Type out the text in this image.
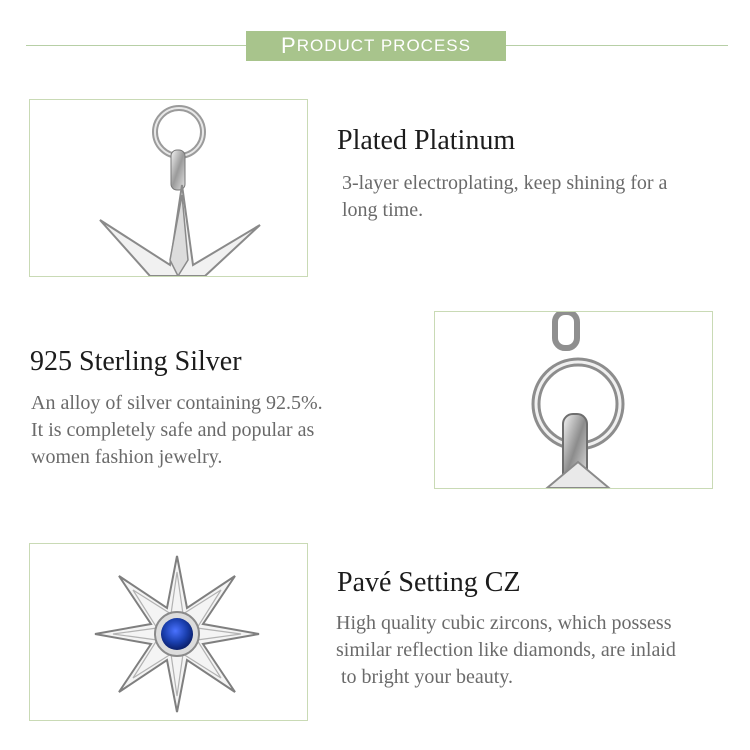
P RODUCT PROCESS
Plated Platinum
3-layer electroplating, keep shining for a
long time.
925 Sterling Silver
An alloy of silver containing 92.5%.
It is completely safe and popular as
women fashion jewelry.
Pavé Setting CZ
High quality cubic zircons, which possess
similar reflection like diamonds, are inlaid
to bright your beauty.
